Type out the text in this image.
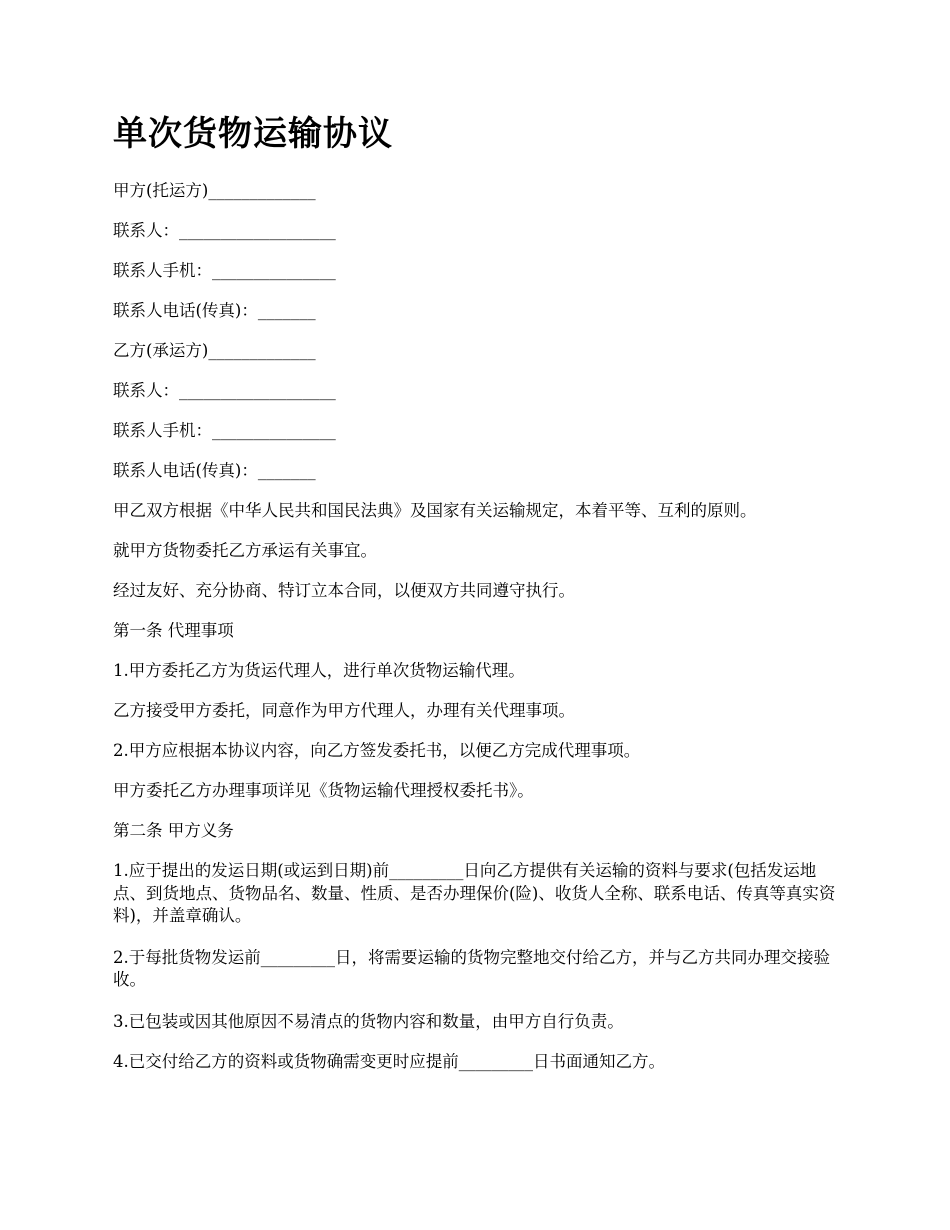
单次货物运输协议

甲方(托运方)_____________

联系人：___________________

联系人手机：_______________

联系人电话(传真)：_______

乙方(承运方)_____________

联系人：___________________

联系人手机：_______________

联系人电话(传真)：_______

甲乙双方根据《中华人民共和国民法典》及国家有关运输规定，本着平等、互利的原则。

就甲方货物委托乙方承运有关事宜。

经过友好、充分协商、特订立本合同，以便双方共同遵守执行。

第一条 代理事项

1.甲方委托乙方为货运代理人，进行单次货物运输代理。

乙方接受甲方委托，同意作为甲方代理人，办理有关代理事项。

2.甲方应根据本协议内容，向乙方签发委托书，以便乙方完成代理事项。

甲方委托乙方办理事项详见《货物运输代理授权委托书》。

第二条 甲方义务

1.应于提出的发运日期(或运到日期)前_________日向乙方提供有关运输的资料与要求(包括发运地点、到货地点、货物品名、数量、性质、是否办理保价(险)、收货人全称、联系电话、传真等真实资料)，并盖章确认。

2.于每批货物发运前_________日，将需要运输的货物完整地交付给乙方，并与乙方共同办理交接验收。

3.已包装或因其他原因不易清点的货物内容和数量，由甲方自行负责。

4.已交付给乙方的资料或货物确需变更时应提前_________日书面通知乙方。
